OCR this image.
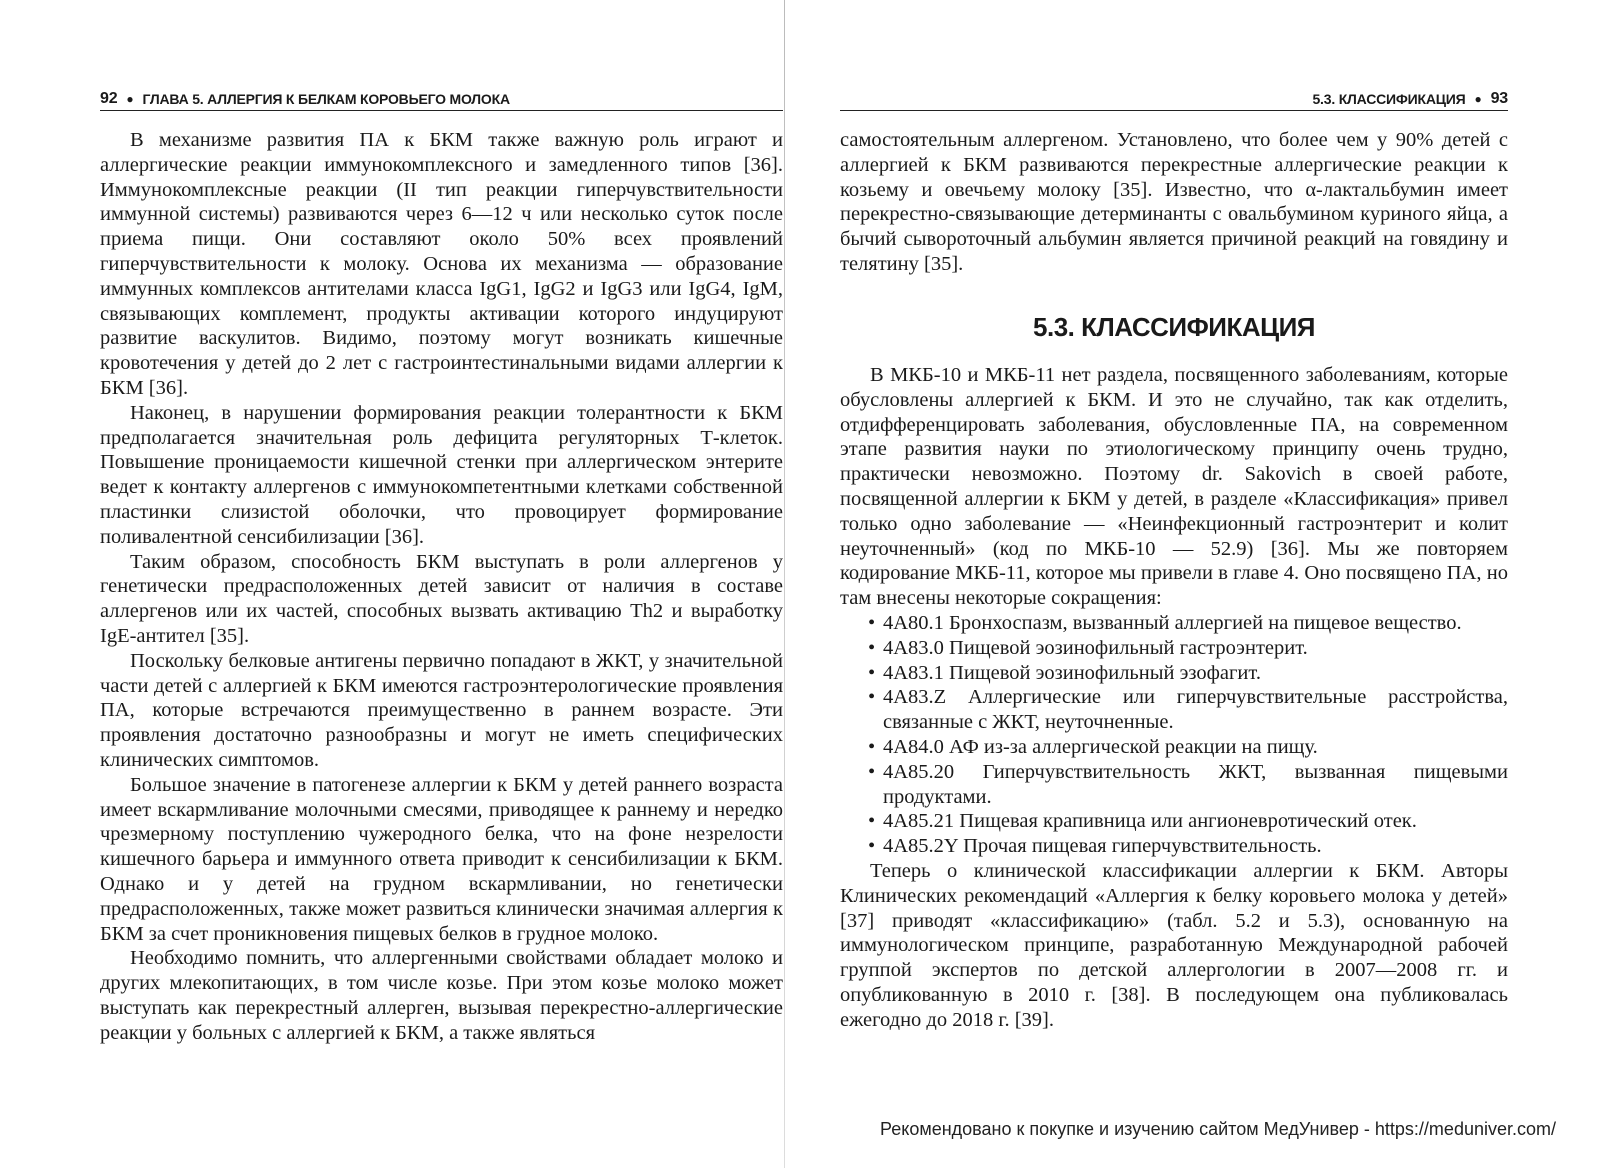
92 ● ГЛАВА 5. АЛЛЕРГИЯ К БЕЛКАМ КОРОВЬЕГО МОЛОКА

В механизме развития ПА к БКМ также важную роль играют и аллергические реакции иммунокомплексного и замедленного типов [36]. Иммунокомплексные реакции (II тип реакции гиперчувствительности иммунной системы) развиваются через 6—12 ч или несколько суток после приема пищи. Они составляют около 50% всех проявлений гиперчувствительности к молоку. Основа их механизма — образование иммунных комплексов антителами класса IgG1, IgG2 и IgG3 или IgG4, IgM, связывающих комплемент, продукты активации которого индуцируют развитие васкулитов. Видимо, поэтому могут возникать кишечные кровотечения у детей до 2 лет с гастроинтестинальными видами аллергии к БКМ [36].

Наконец, в нарушении формирования реакции толерантности к БКМ предполагается значительная роль дефицита регуляторных Т-клеток. Повышение проницаемости кишечной стенки при аллергическом энтерите ведет к контакту аллергенов с иммунокомпетентными клетками собственной пластинки слизистой оболочки, что провоцирует формирование поливалентной сенсибилизации [36].

Таким образом, способность БКМ выступать в роли аллергенов у генетически предрасположенных детей зависит от наличия в составе аллергенов или их частей, способных вызвать активацию Th2 и выработку IgE-антител [35].

Поскольку белковые антигены первично попадают в ЖКТ, у значительной части детей с аллергией к БКМ имеются гастроэнтерологические проявления ПА, которые встречаются преимущественно в раннем возрасте. Эти проявления достаточно разнообразны и могут не иметь специфических клинических симптомов.

Большое значение в патогенезе аллергии к БКМ у детей раннего возраста имеет вскармливание молочными смесями, приводящее к раннему и нередко чрезмерному поступлению чужеродного белка, что на фоне незрелости кишечного барьера и иммунного ответа приводит к сенсибилизации к БКМ. Однако и у детей на грудном вскармливании, но генетически предрасположенных, также может развиться клинически значимая аллергия к БКМ за счет проникновения пищевых белков в грудное молоко.

Необходимо помнить, что аллергенными свойствами обладает молоко и других млекопитающих, в том числе козье. При этом козье молоко может выступать как перекрестный аллерген, вызывая перекрестно-аллергические реакции у больных с аллергией к БКМ, а также являться

5.3. КЛАССИФИКАЦИЯ ● 93

самостоятельным аллергеном. Установлено, что более чем у 90% детей с аллергией к БКМ развиваются перекрестные аллергические реакции к козьему и овечьему молоку [35]. Известно, что α-лактальбумин имеет перекрестно-связывающие детерминанты с овальбумином куриного яйца, а бычий сывороточный альбумин является причиной реакций на говядину и телятину [35].

5.3. КЛАССИФИКАЦИЯ

В МКБ-10 и МКБ-11 нет раздела, посвященного заболеваниям, которые обусловлены аллергией к БКМ. И это не случайно, так как отделить, отдифференцировать заболевания, обусловленные ПА, на современном этапе развития науки по этиологическому принципу очень трудно, практически невозможно. Поэтому dr. Sakovich в своей работе, посвященной аллергии к БКМ у детей, в разделе «Классификация» привел только одно заболевание — «Неинфекционный гастроэнтерит и колит неуточненный» (код по МКБ-10 — 52.9) [36]. Мы же повторяем кодирование МКБ-11, которое мы привели в главе 4. Оно посвящено ПА, но там внесены некоторые сокращения:

• 4A80.1 Бронхоспазм, вызванный аллергией на пищевое вещество.
• 4A83.0 Пищевой эозинофильный гастроэнтерит.
• 4A83.1 Пищевой эозинофильный эзофагит.
• 4A83.Z Аллергические или гиперчувствительные расстройства, связанные с ЖКТ, неуточненные.
• 4A84.0 АФ из-за аллергической реакции на пищу.
• 4A85.20 Гиперчувствительность ЖКТ, вызванная пищевыми продуктами.
• 4A85.21 Пищевая крапивница или ангионевротический отек.
• 4A85.2Y Прочая пищевая гиперчувствительность.

Теперь о клинической классификации аллергии к БКМ. Авторы Клинических рекомендаций «Аллергия к белку коровьего молока у детей» [37] приводят «классификацию» (табл. 5.2 и 5.3), основанную на иммунологическом принципе, разработанную Международной рабочей группой экспертов по детской аллергологии в 2007—2008 гг. и опубликованную в 2010 г. [38]. В последующем она публиковалась ежегодно до 2018 г. [39].

Рекомендовано к покупке и изучению сайтом МедУнивер - https://meduniver.com/
